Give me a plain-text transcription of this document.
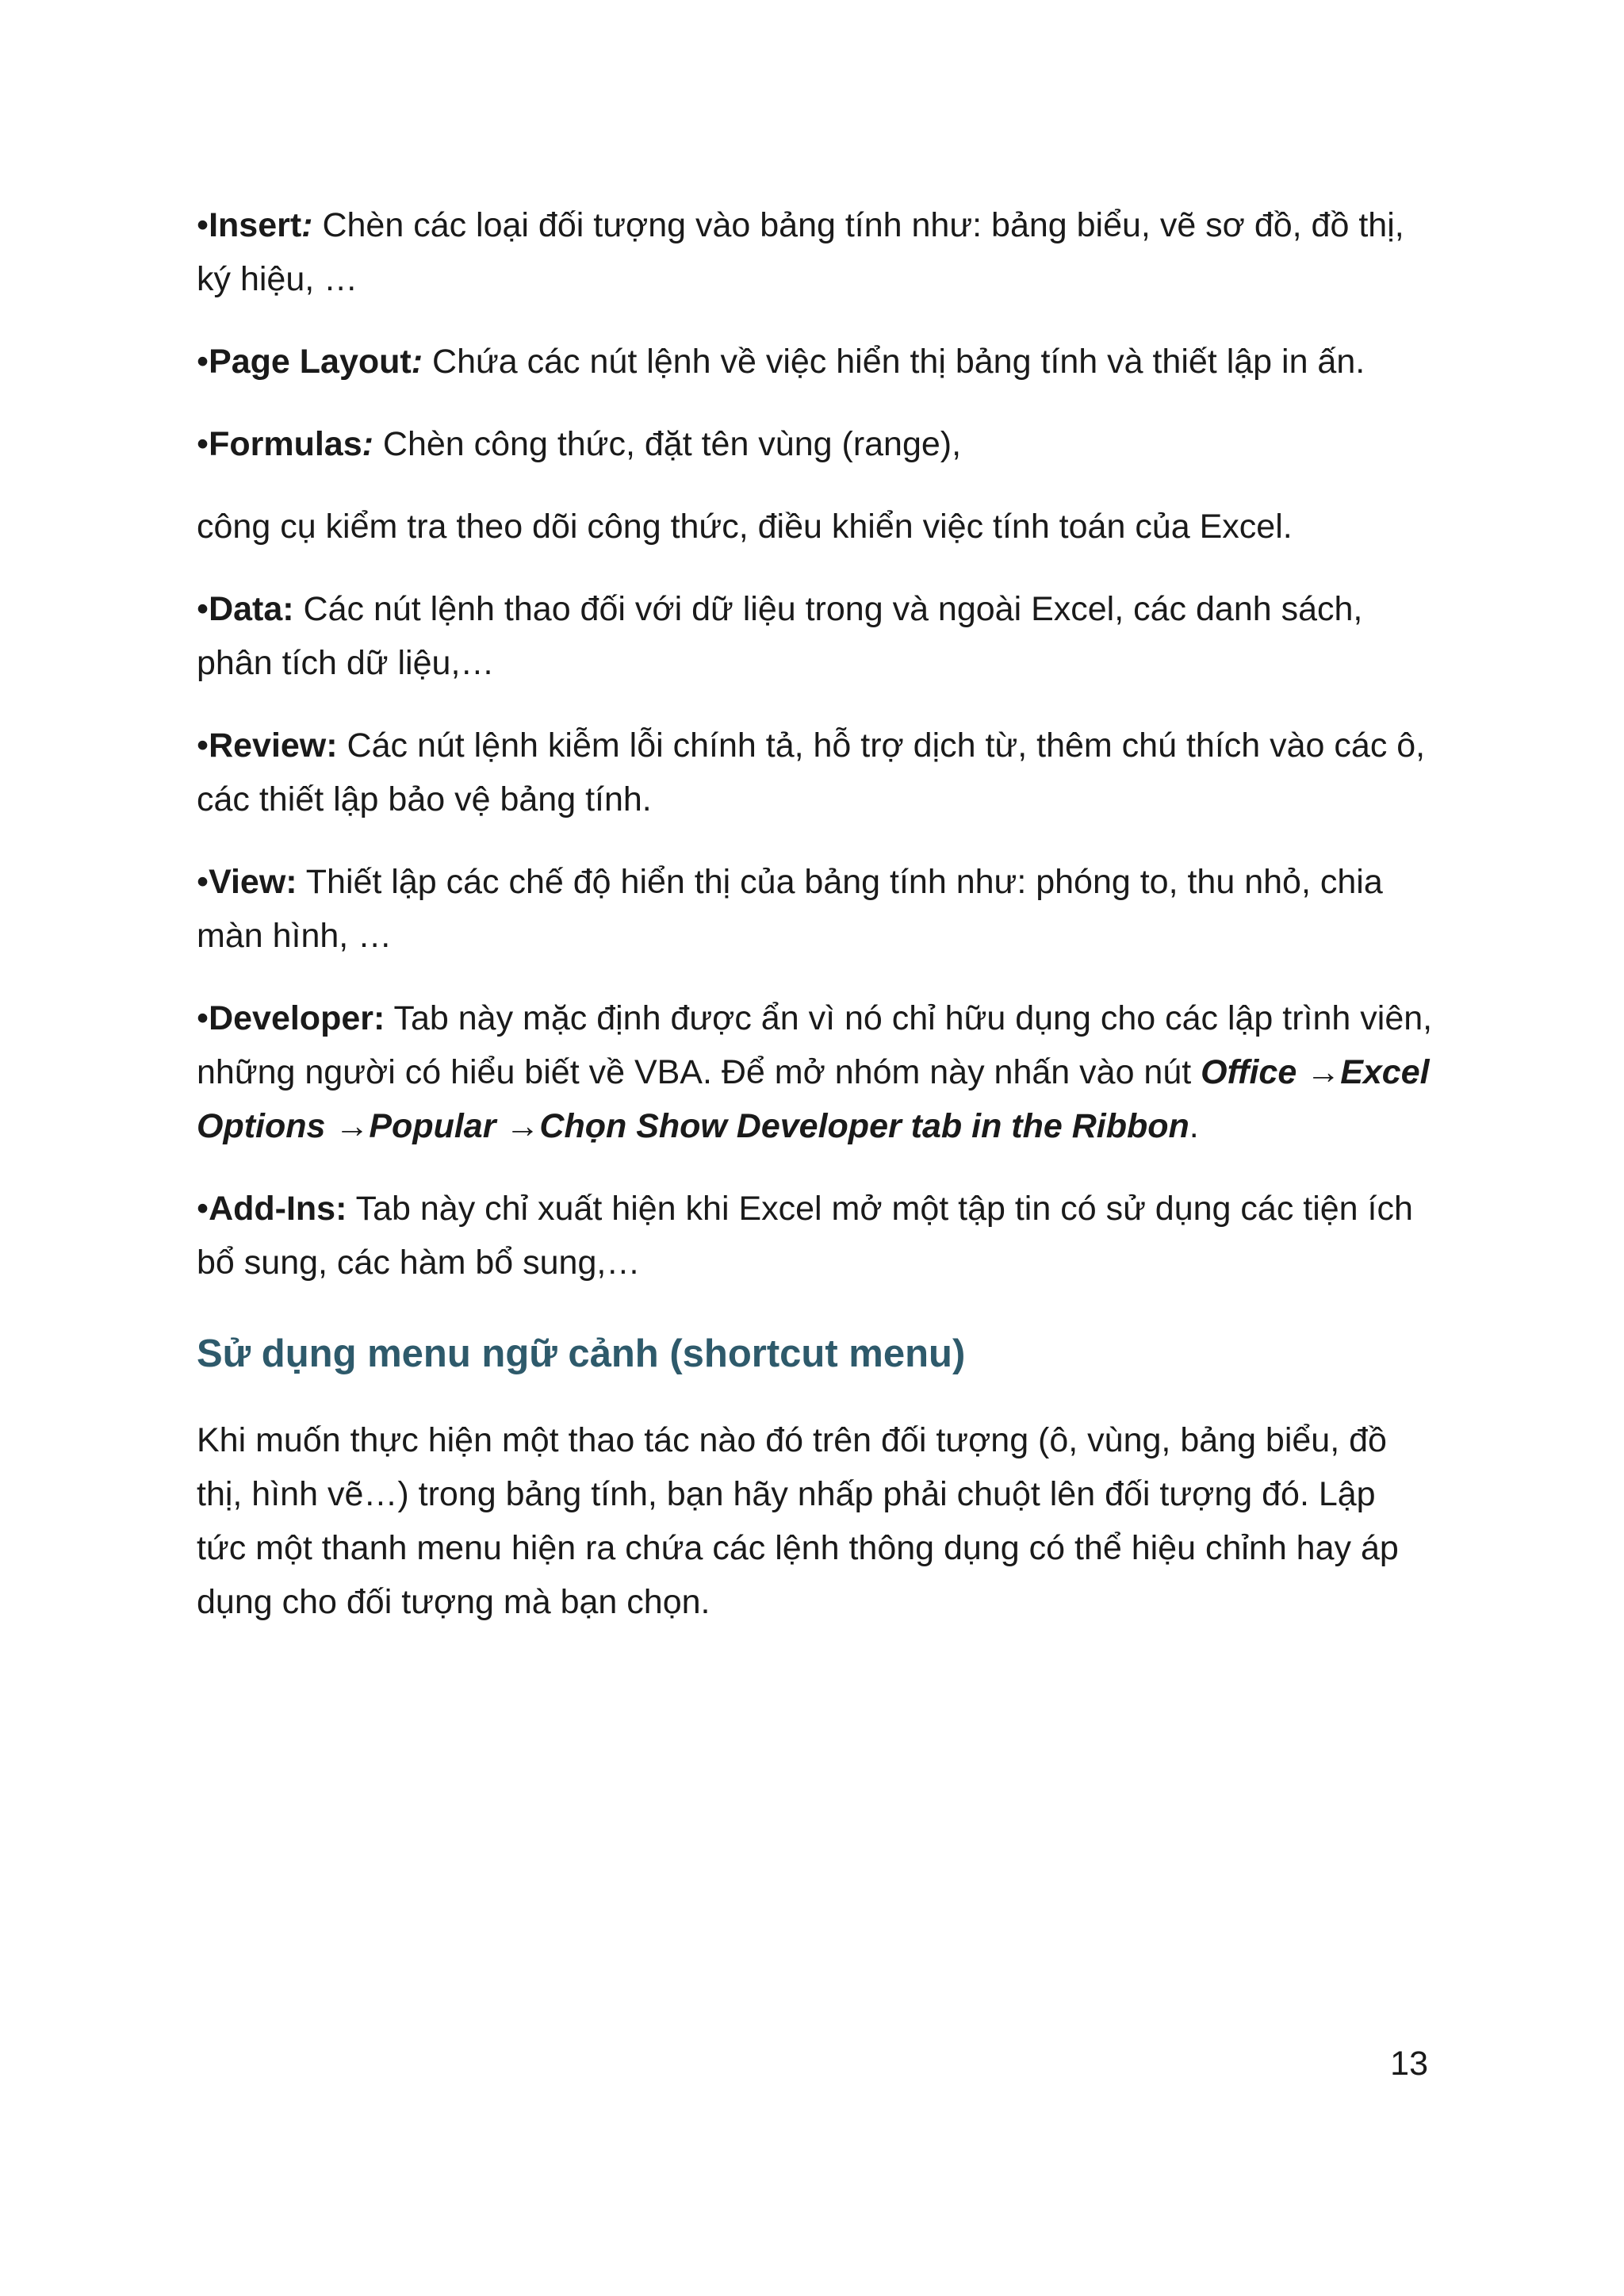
•Insert: Chèn các loại đối tượng vào bảng tính như: bảng biểu, vẽ sơ đồ, đồ thị, ký hiệu, …

•Page Layout: Chứa các nút lệnh về việc hiển thị bảng tính và thiết lập in ấn.

•Formulas: Chèn công thức, đặt tên vùng (range),

công cụ kiểm tra theo dõi công thức, điều khiển việc tính toán của Excel.

•Data: Các nút lệnh thao đối với dữ liệu trong và ngoài Excel, các danh sách, phân tích dữ liệu,…

•Review: Các nút lệnh kiễm lỗi chính tả, hỗ trợ dịch từ, thêm chú thích vào các ô, các thiết lập bảo vệ bảng tính.

•View: Thiết lập các chế độ hiển thị của bảng tính như: phóng to, thu nhỏ, chia màn hình, …

•Developer: Tab này mặc định được ẩn vì nó chỉ hữu dụng cho các lập trình viên, những người có hiểu biết về VBA. Để mở nhóm này nhấn vào nút Office →Excel Options →Popular →Chọn Show Developer tab in the Ribbon.

•Add-Ins: Tab này chỉ xuất hiện khi Excel mở một tập tin có sử dụng các tiện ích bổ sung, các hàm bổ sung,…

Sử dụng menu ngữ cảnh (shortcut menu)

Khi muốn thực hiện một thao tác nào đó trên đối tượng (ô, vùng, bảng biểu, đồ thị, hình vẽ…) trong bảng tính, bạn hãy nhấp phải chuột lên đối tượng đó. Lập tức một thanh menu hiện ra chứa các lệnh thông dụng có thể hiệu chỉnh hay áp dụng cho đối tượng mà bạn chọn.

13
